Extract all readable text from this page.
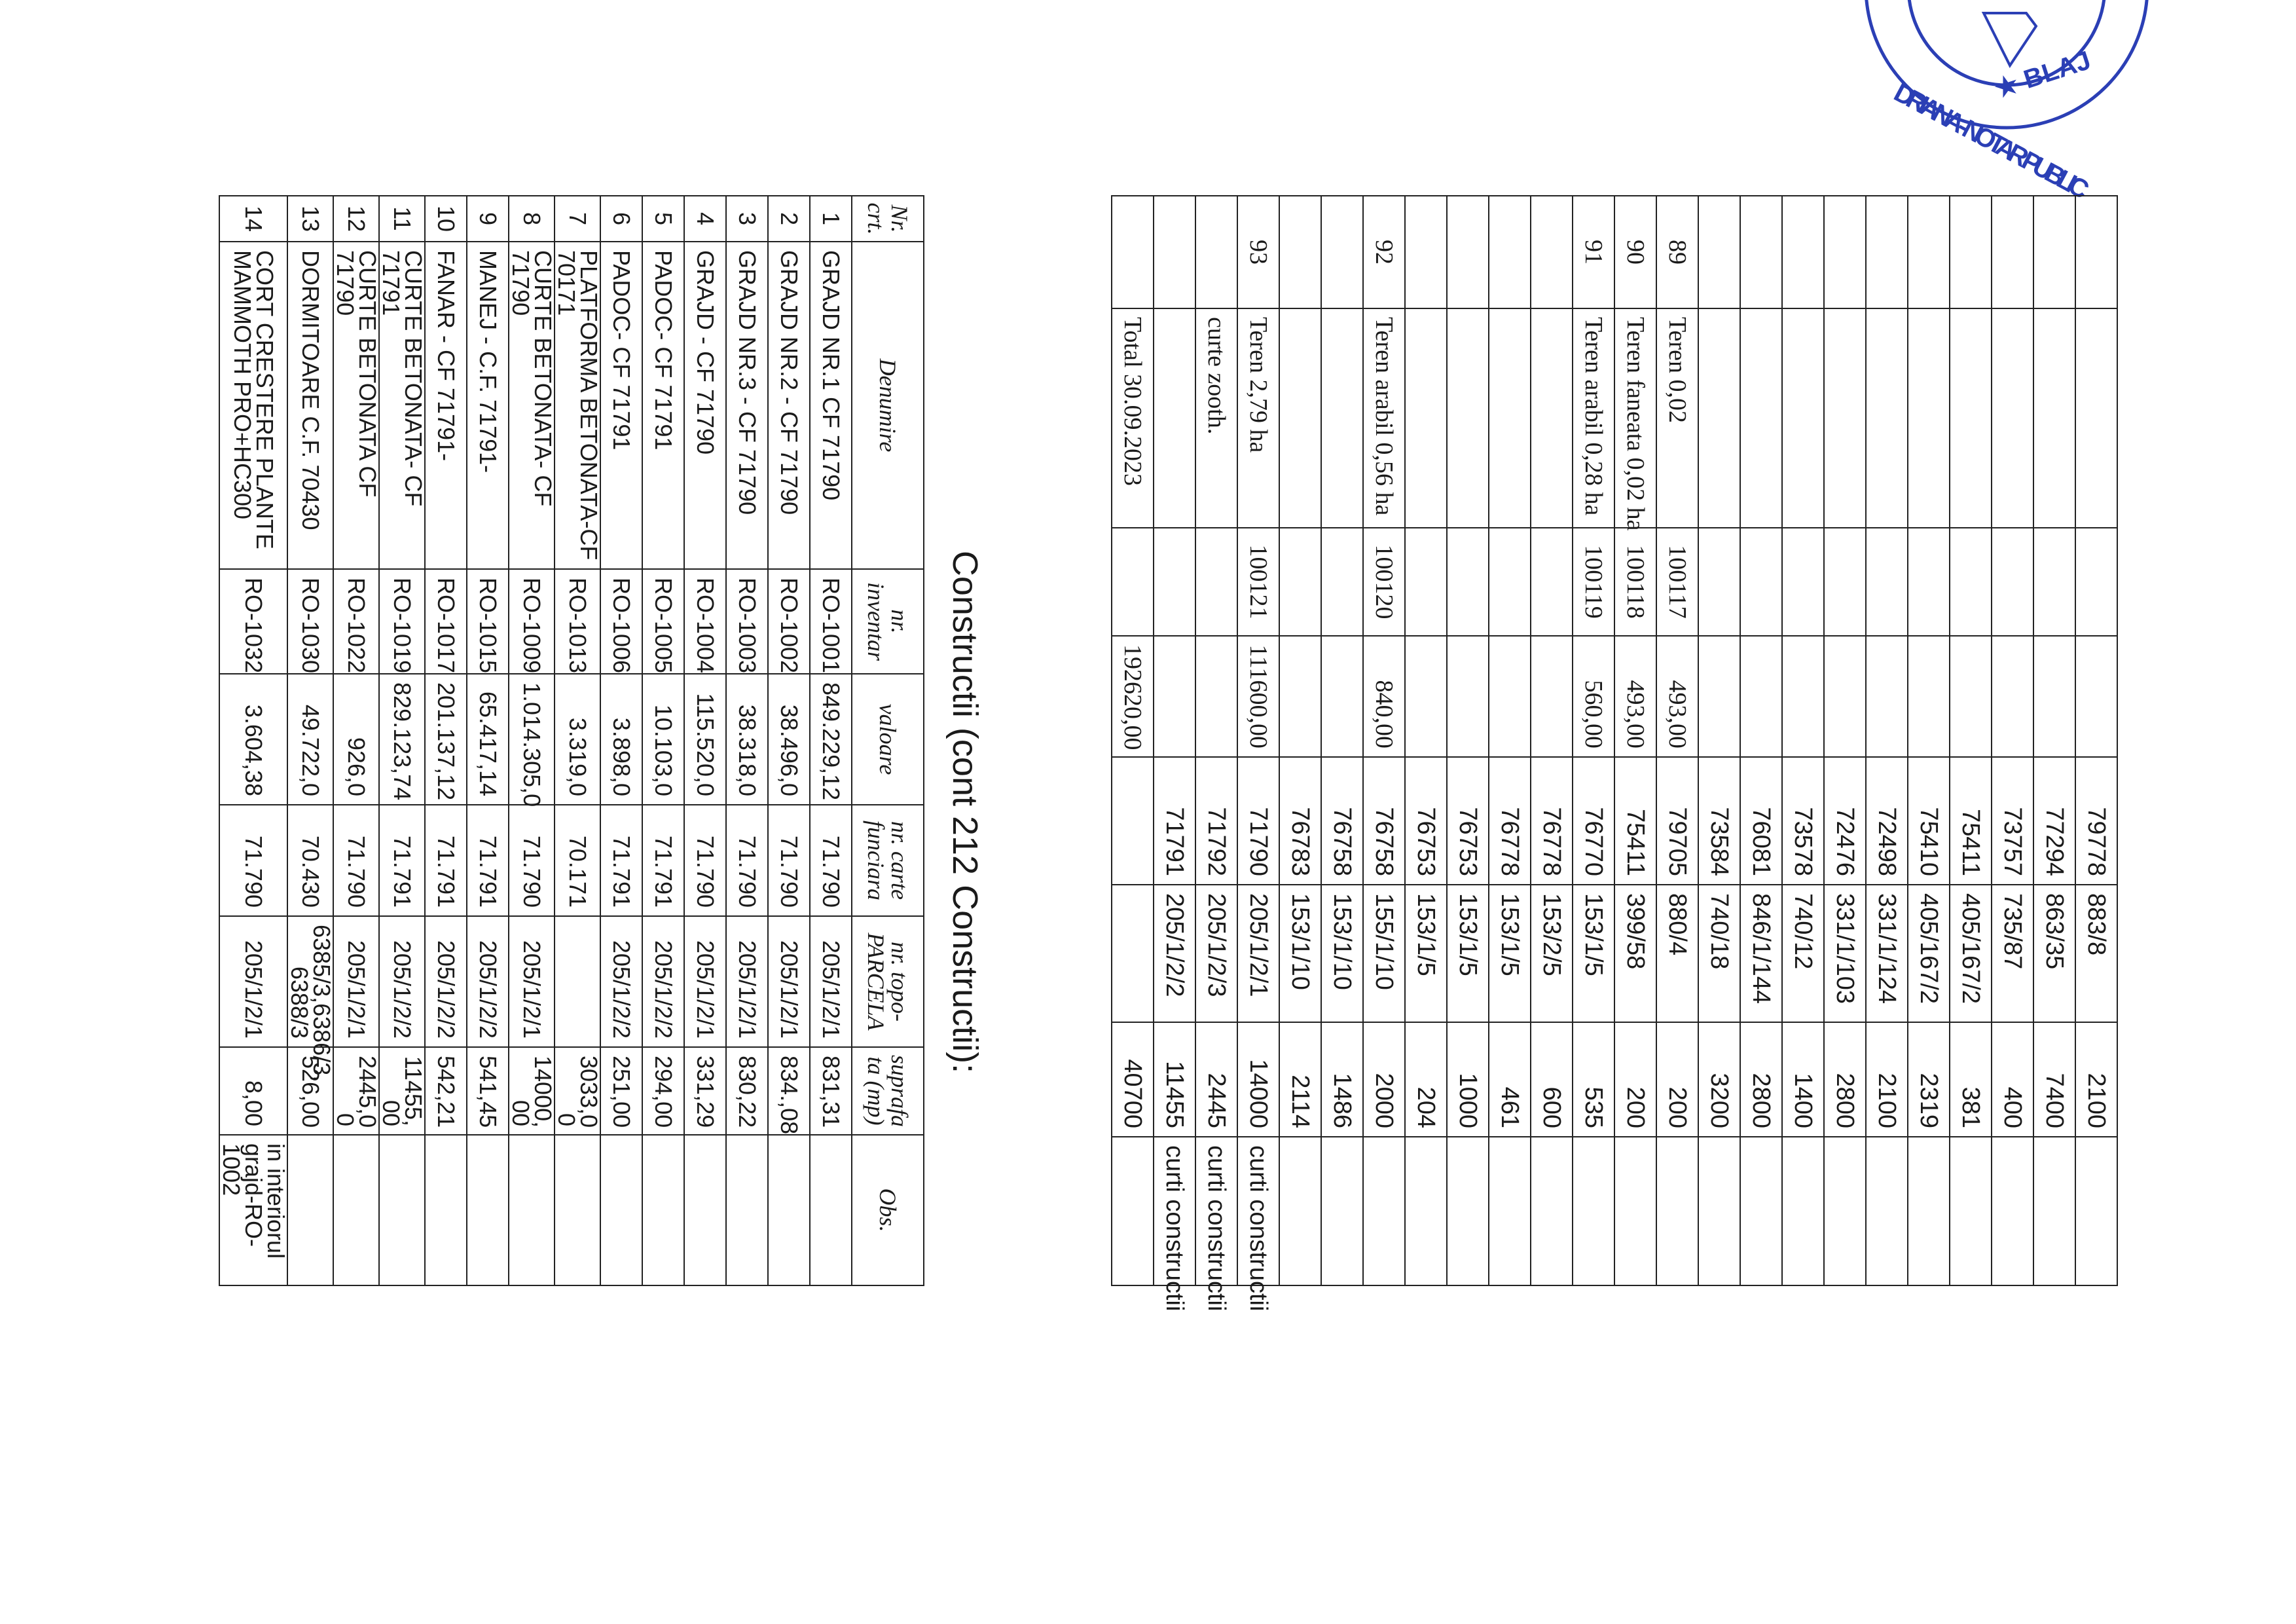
★ BLAJ
DRIANA - NOTAR PUBLIC
				79778	883/8	2100	
				77294	863/35	7400	
				73757	735/87	400	
				75411	405/167/2	381	
				75410	405/167/2	2319	
				72498	331/1/124	2100	
				72476	331/1/103	2800	
				73578	740/12	1400	
				76081	846/1/144	2800	
				73584	740/18	3200	
89	Teren 0,02	100117	493,00	79705	880/4	200	
90	Teren faneata 0,02 ha	100118	493,00	75411	399/58	200	
91	Teren arabil 0,28 ha	100119	560,00	76770	153/1/5	535	
				76778	153/2/5	600	
				76778	153/1/5	461	
				76753	153/1/5	1000	
				76753	153/1/5	204	
92	Teren arabil 0,56 ha	100120	840,00	76758	155/1/10	2000	
				76758	153/1/10	1486	
				76783	153/1/10	2114	
93	Teren 2,79 ha	100121	111600,00	71790	205/1/2/1	14000	curti constructii
	curte zooth.			71792	205/1/2/3	2445	curti constructii
				71791	205/1/2/2	11455	curti constructii
	Total 30.09.2023		192620,00			40700	
Constructii (cont 212 Constructii):
Nr. crt.	Denumire	nr. inventar	valoare	nr. carte funciara	nr. topo-PARCELA	suprafa ta (mp)	Obs.
1	GRAJD NR.1 CF 71790	RO-1001	849.229,12	71.790	205/1/2/1	831,31	
2	GRAJD NR.2 - CF 71790	RO-1002	38.496,0	71.790	205/1/2/1	834.,08	
3	GRAJD NR.3 - CF 71790	RO-1003	38.318,0	71.790	205/1/2/1	830,22	
4	GRAJD - CF 71790	RO-1004	115.520,0	71.790	205/1/2/1	331,29	
5	PADOC- CF 71791	RO-1005	10.103,0	71.791	205/1/2/2	294,00	
6	PADOC- CF 71791	RO-1006	3.898,0	71.791	205/1/2/2	251,00	
7	PLATFORMA BETONATA-CF 70171	RO-1013	3.319,0	70.171		3033,0 0	
8	CURTE BETONATA- CF 71790	RO-1009	1.014.305,0	71.790	205/1/2/1	14000, 00	
9	MANEJ - C.F. 71791-	RO-1015	65.417,14	71.791	205/1/2/2	541,45	
10	FANAR - CF 71791-	RO-1017	201.137,12	71.791	205/1/2/2	542,21	
11	CURTE BETONATA- CF 71791	RO-1019	829.123,74	71.791	205/1/2/2	11455, 00	
12	CURTE BETONATA CF 71790	RO-1022	926,0	71.790	205/1/2/1	2445,0 0	
13	DORMITOARE C.F. 70430	RO-1030	49.722,0	70.430	6385/3,6386/3, 6388/3	526,00	
14	CORT CRESTERE PLANTE MAMMOTH PRO+HC300	RO-1032	3.604,38	71.790	205/1/2/1	8,00	in interiorul grajd-RO-1002
